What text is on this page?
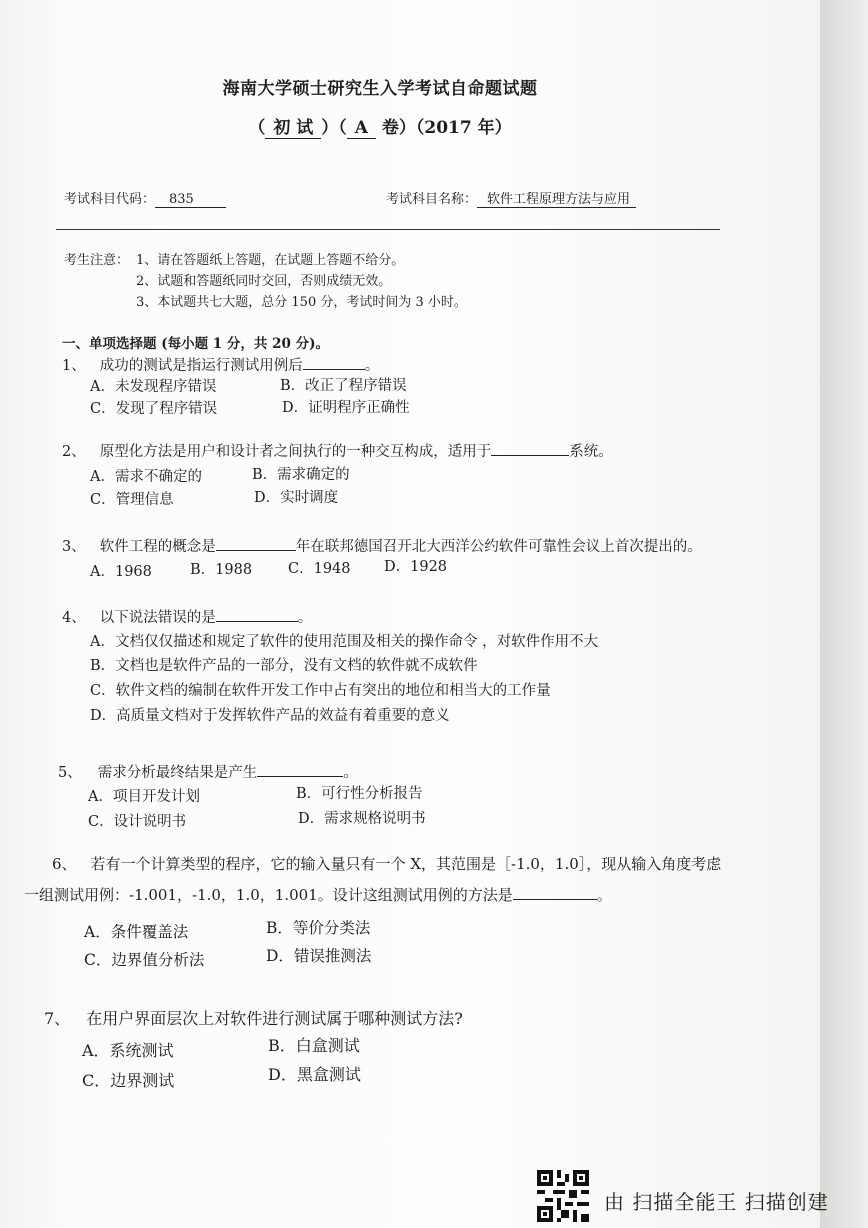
海南大学硕士研究生入学考试自命题试题
（ 初 试 ）（ A 卷）（2017 年）
考试科目代码： 835	考试科目名称： 软件工程原理方法与应用
考生注意： 1、请在答题纸上答题，在试题上答题不给分。
2、试题和答题纸同时交回，否则成绩无效。
3、本试题共七大题，总分 150 分，考试时间为 3 小时。
一、单项选择题 (每小题 1 分，共 20 分)。
1、 成功的测试是指运行测试用例后	。
A．未发现程序错误	B．改正了程序错误
C．发现了程序错误	D．证明程序正确性
2、 原型化方法是用户和设计者之间执行的一种交互构成，适用于	系统。
A．需求不确定的	B．需求确定的
C．管理信息	D．实时调度
3、 软件工程的概念是	年在联邦德国召开北大西洋公约软件可靠性会议上首次提出的。
A．1968	B．1988 C．1948 D．1928
4、 以下说法错误的是	。
A．文档仅仅描述和规定了软件的使用范围及相关的操作命令 ，对软件作用不大
B．文档也是软件产品的一部分，没有文档的软件就不成软件
C．软件文档的编制在软件开发工作中占有突出的地位和相当大的工作量
D．高质量文档对于发挥软件产品的效益有着重要的意义
5、 需求分析最终结果是产生	。
A．项目开发计划	B．可行性分析报告
C．设计说明书	D．需求规格说明书
6、 若有一个计算类型的程序，它的输入量只有一个 X，其范围是［-1.0，1.0］，现从输入角度考虑
一组测试用例：-1.001，-1.0，1.0，1.001。设计这组测试用例的方法是	。
A．条件覆盖法	B．等价分类法
C．边界值分析法	D．错误推测法
7、 在用户界面层次上对软件进行测试属于哪种测试方法?
A．系统测试	B．白盒测试
C．边界测试	D．黑盒测试
由 扫描全能王 扫描创建
